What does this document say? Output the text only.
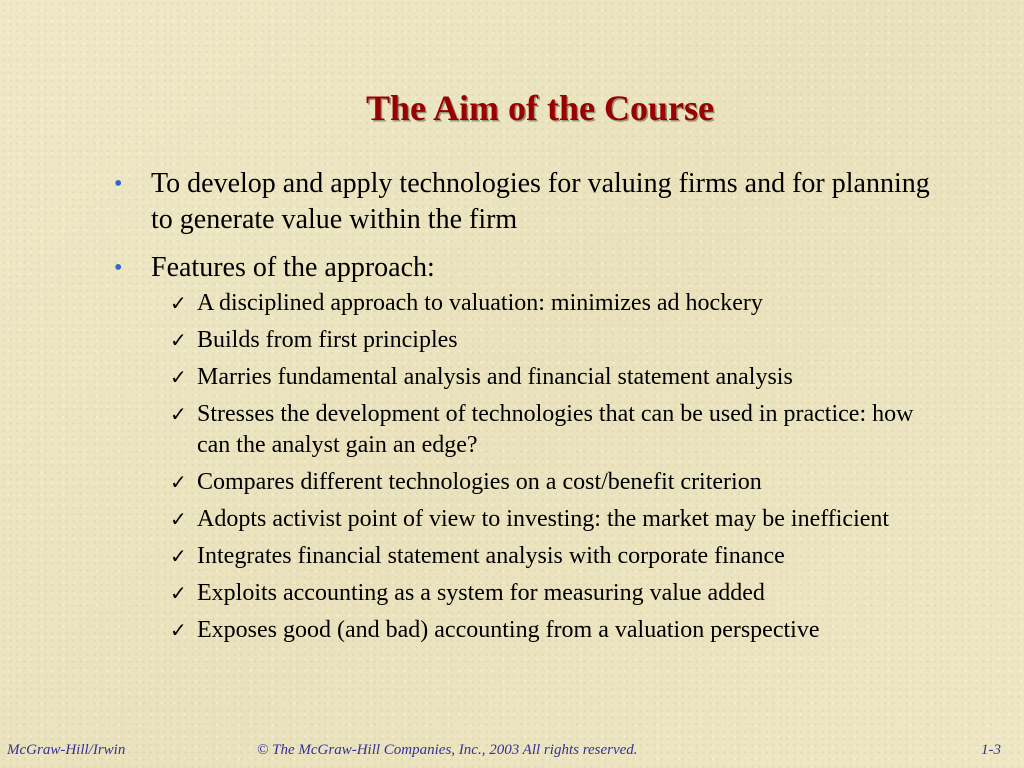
The Aim of the Course
• To develop and apply technologies for valuing firms and for planning to generate value within the firm
• Features of the approach:
✓ A disciplined approach to valuation: minimizes ad hockery
✓ Builds from first principles
✓ Marries fundamental analysis and financial statement analysis
✓ Stresses the development of technologies that can be used in practice: how can the analyst gain an edge?
✓ Compares different technologies on a cost/benefit criterion
✓ Adopts activist point of view to investing: the market may be inefficient
✓ Integrates financial statement analysis with corporate finance
✓ Exploits accounting as a system for measuring value added
✓ Exposes good (and bad) accounting from a valuation perspective
McGraw-Hill/Irwin	© The McGraw-Hill Companies, Inc., 2003 All rights reserved.	1-3
